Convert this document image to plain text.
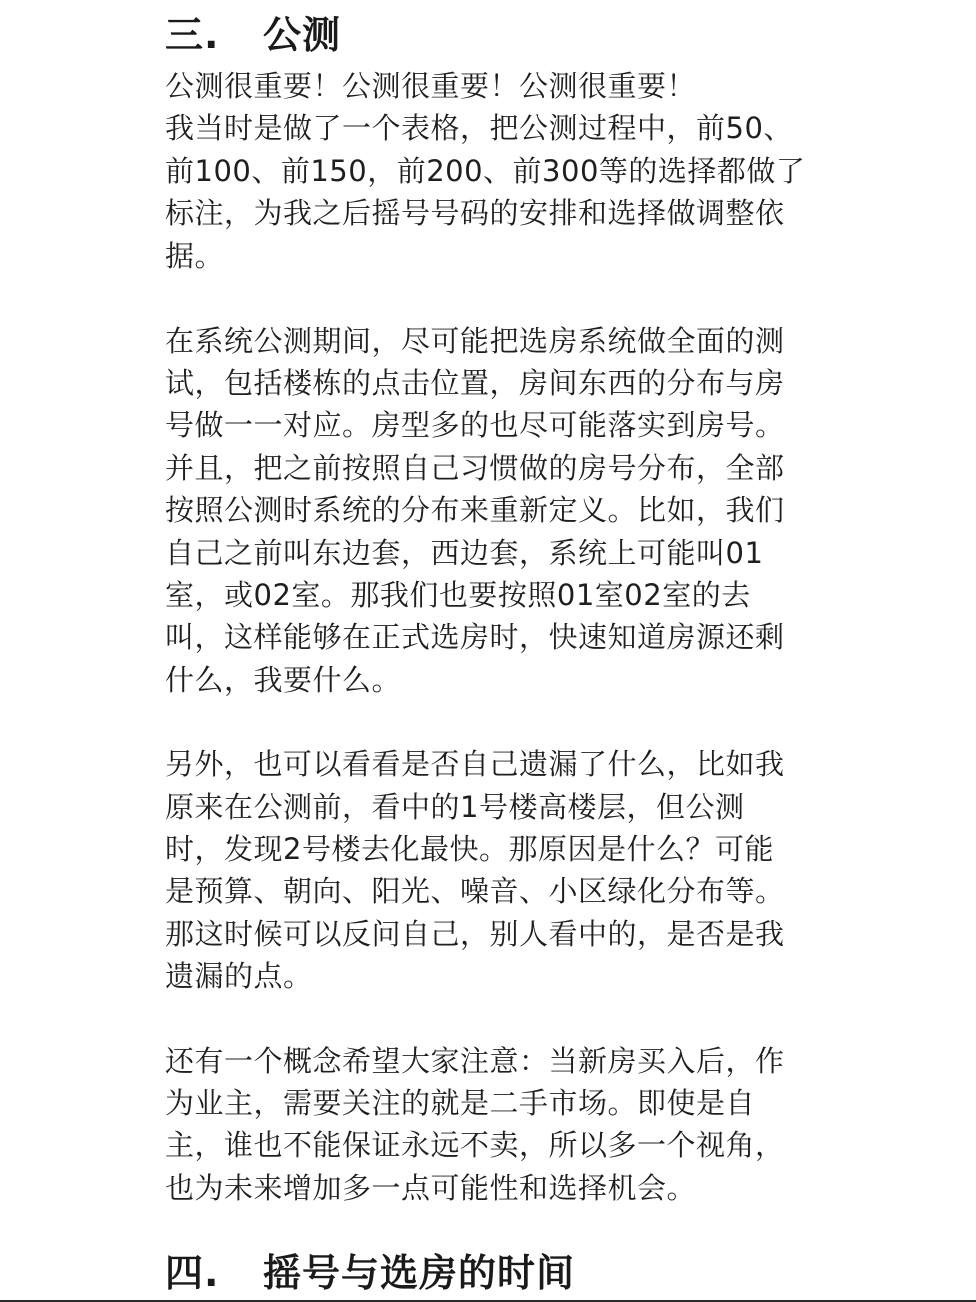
三. 公测
公测很重要！公测很重要！公测很重要！
我当时是做了一个表格，把公测过程中，前50、
前100、前150，前200、前300等的选择都做了
标注，为我之后摇号号码的安排和选择做调整依
据。
在系统公测期间，尽可能把选房系统做全面的测
试，包括楼栋的点击位置，房间东西的分布与房
号做一一对应。房型多的也尽可能落实到房号。
并且，把之前按照自己习惯做的房号分布，全部
按照公测时系统的分布来重新定义。比如，我们
自己之前叫东边套，西边套，系统上可能叫01
室，或02室。那我们也要按照01室02室的去
叫，这样能够在正式选房时，快速知道房源还剩
什么，我要什么。
另外，也可以看看是否自己遗漏了什么，比如我
原来在公测前，看中的1号楼高楼层，但公测
时，发现2号楼去化最快。那原因是什么？可能
是预算、朝向、阳光、噪音、小区绿化分布等。
那这时候可以反问自己，别人看中的，是否是我
遗漏的点。
还有一个概念希望大家注意：当新房买入后，作
为业主，需要关注的就是二手市场。即使是自
主，谁也不能保证永远不卖，所以多一个视角，
也为未来增加多一点可能性和选择机会。
四. 摇号与选房的时间
